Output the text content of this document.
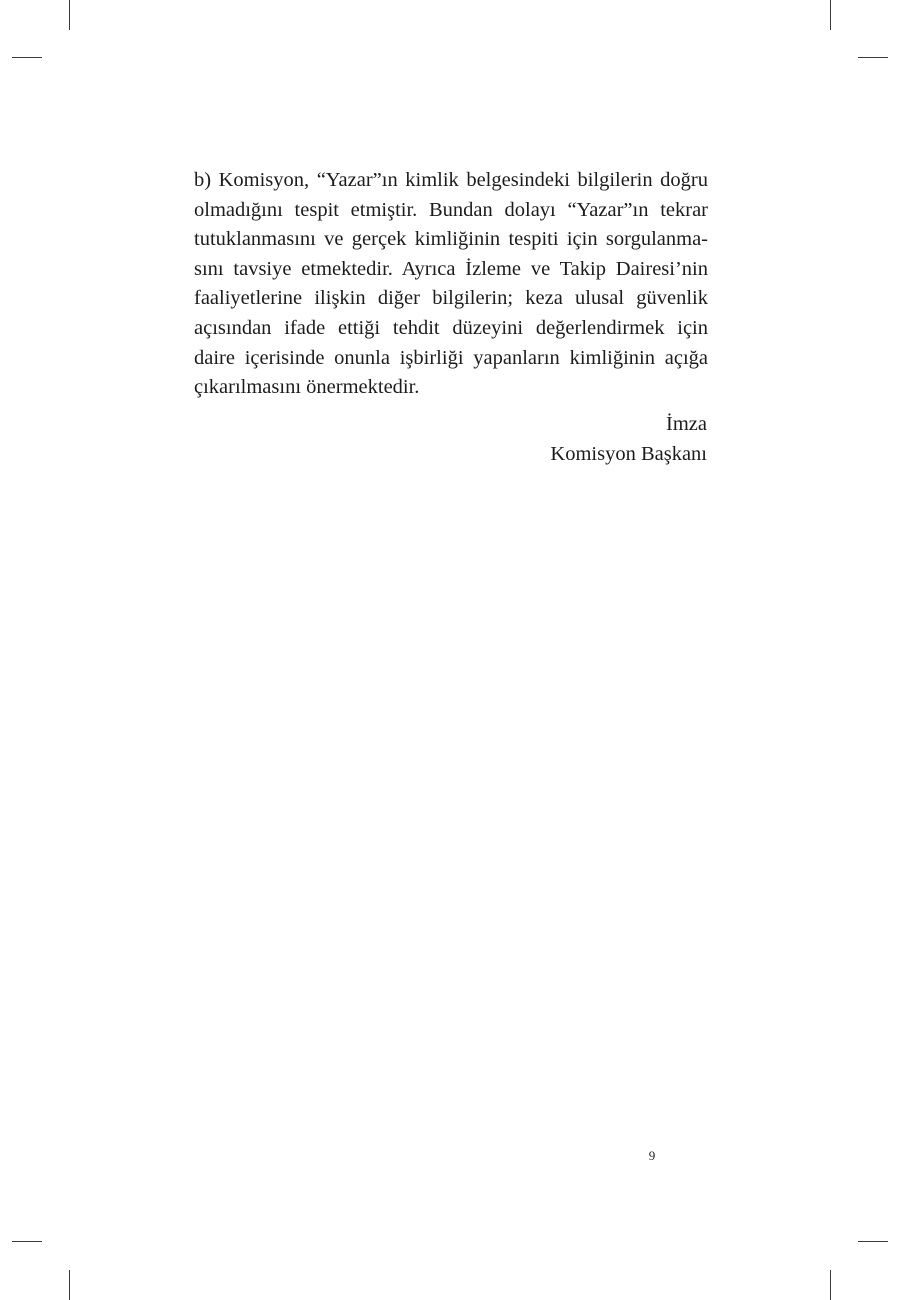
b) Komisyon, “Yazar”ın kimlik belgesindeki bilgilerin doğru
olmadığını tespit etmiştir. Bundan dolayı “Yazar”ın tekrar
tutuklanmasını ve gerçek kimliğinin tespiti için sorgulanma-
sını tavsiye etmektedir. Ayrıca İzleme ve Takip Dairesi’nin
faaliyetlerine ilişkin diğer bilgilerin; keza ulusal güvenlik
açısından ifade ettiği tehdit düzeyini değerlendirmek için
daire içerisinde onunla işbirliği yapanların kimliğinin açığa
çıkarılmasını önermektedir.
İmza
Komisyon Başkanı
9
